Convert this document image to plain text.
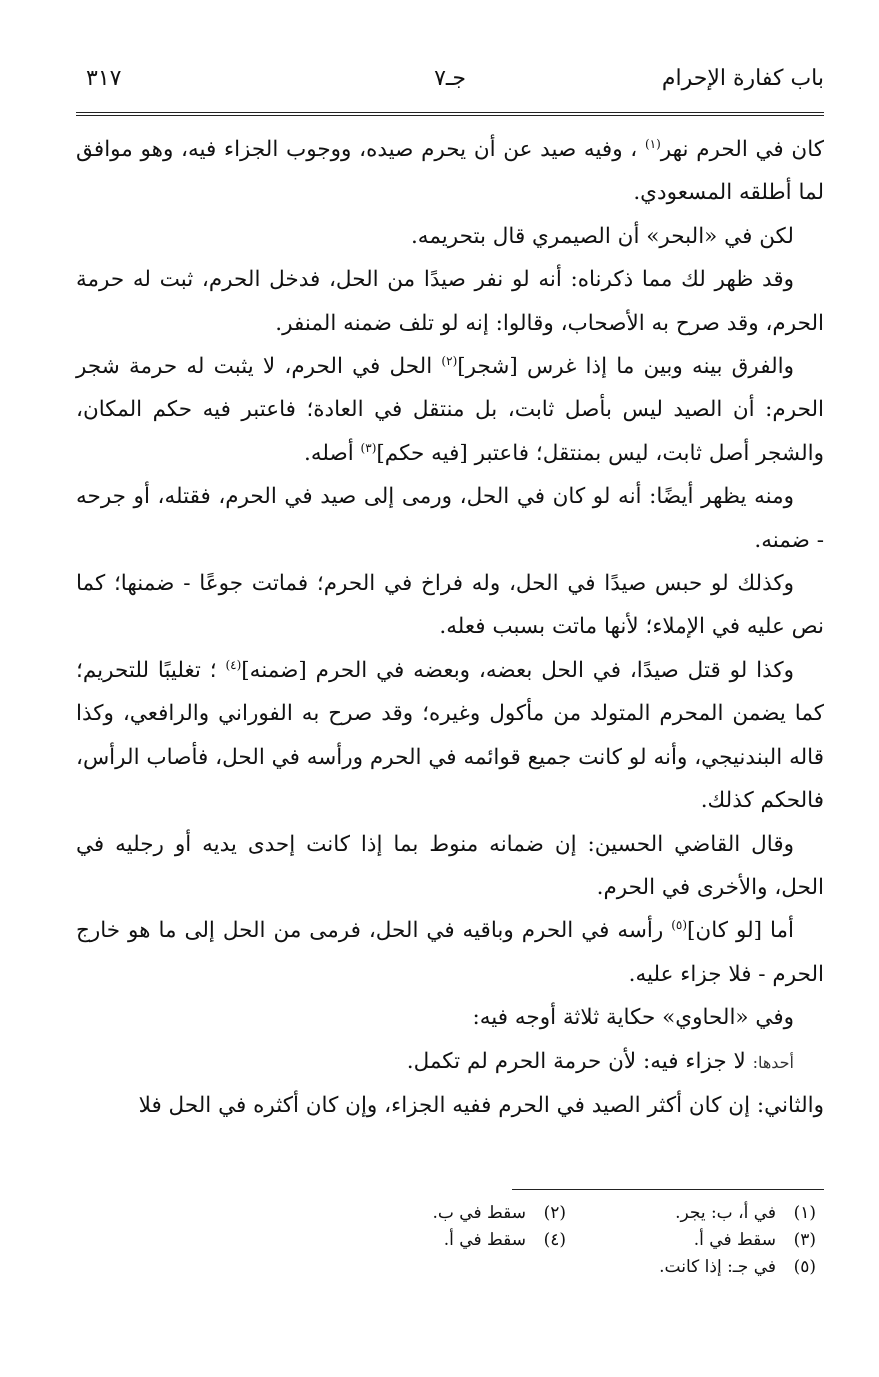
باب كفارة الإحرام
جـ٧
٣١٧

كان في الحرم نهر$^{(١)}$ ، وفيه صيد عن أن يحرم صيده، ووجوب الجزاء فيه، وهو موافق لما أطلقه المسعودي.

لكن في «البحر» أن الصيمري قال بتحريمه.

وقد ظهر لك مما ذكرناه: أنه لو نفر صيدًا من الحل، فدخل الحرم، ثبت له حرمة الحرم، وقد صرح به الأصحاب، وقالوا: إنه لو تلف ضمنه المنفر.

والفرق بينه وبين ما إذا غرس [شجر]$^{(٢)}$ الحل في الحرم، لا يثبت له حرمة شجر الحرم: أن الصيد ليس بأصل ثابت، بل منتقل في العادة؛ فاعتبر فيه حكم المكان، والشجر أصل ثابت، ليس بمنتقل؛ فاعتبر [فيه حكم]$^{(٣)}$ أصله.

ومنه يظهر أيضًا: أنه لو كان في الحل، ورمى إلى صيد في الحرم، فقتله، أو جرحه - ضمنه.

وكذلك لو حبس صيدًا في الحل، وله فراخ في الحرم؛ فماتت جوعًا - ضمنها؛ كما نص عليه في الإملاء؛ لأنها ماتت بسبب فعله.

وكذا لو قتل صيدًا، في الحل بعضه، وبعضه في الحرم [ضمنه]$^{(٤)}$ ؛ تغليبًا للتحريم؛ كما يضمن المحرم المتولد من مأكول وغيره؛ وقد صرح به الفوراني والرافعي، وكذا قاله البندنيجي، وأنه لو كانت جميع قوائمه في الحرم ورأسه في الحل، فأصاب الرأس، فالحكم كذلك.

وقال القاضي الحسين: إن ضمانه منوط بما إذا كانت إحدى يديه أو رجليه في الحل، والأخرى في الحرم.

أما [لو كان]$^{(٥)}$ رأسه في الحرم وباقيه في الحل، فرمى من الحل إلى ما هو خارج الحرم - فلا جزاء عليه.

وفي «الحاوي» حكاية ثلاثة أوجه فيه:

أحدها: لا جزاء فيه: لأن حرمة الحرم لم تكمل.

والثاني: إن كان أكثر الصيد في الحرم ففيه الجزاء، وإن كان أكثره في الحل فلا

(١)في أ، ب: يجر.
(٢)سقط في ب.
(٣)سقط في أ.
(٤)سقط في أ.
(٥)في جـ: إذا كانت.
